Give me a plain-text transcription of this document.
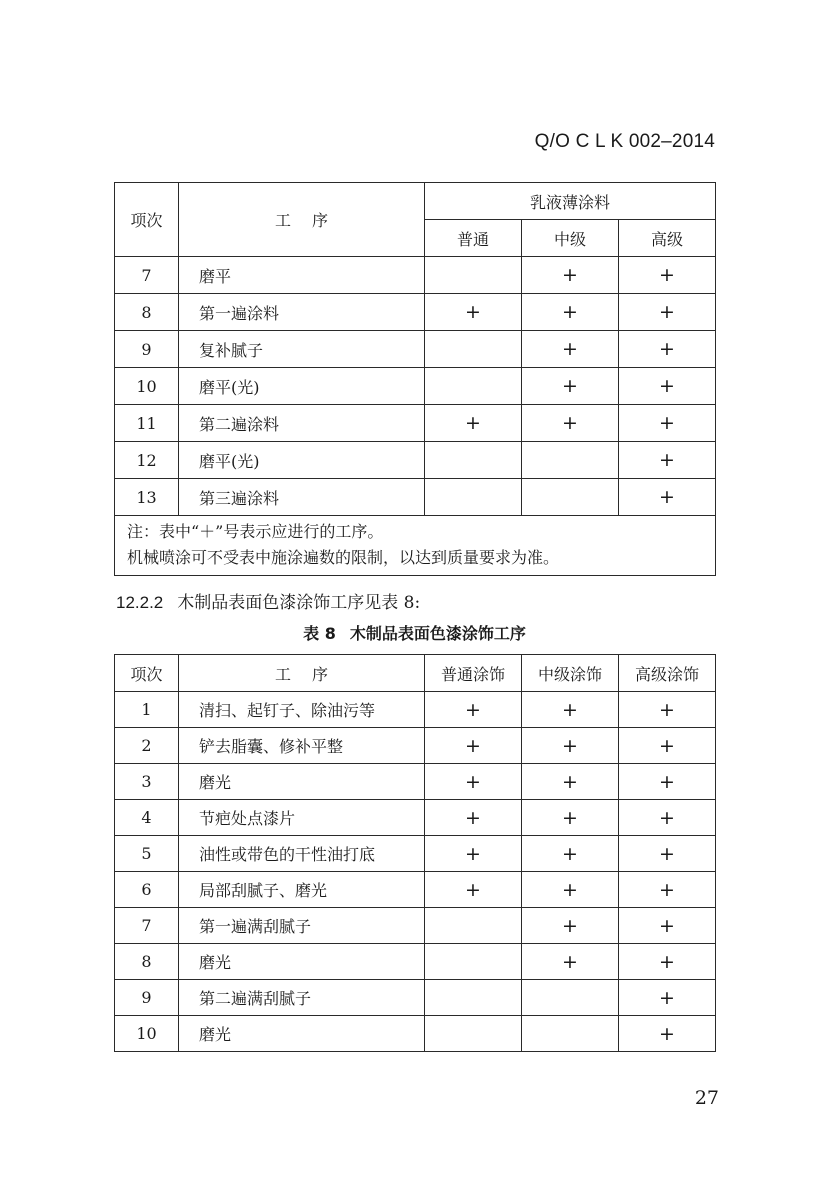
Q/O C L K 002–2014
项次	工　 序	乳液薄涂料		
		普通	中级	高级
7	磨平		+	+
8	第一遍涂料	+	+	+
9	复补腻子		+	+
10	磨平(光)		+	+
11	第二遍涂料	+	+	+
12	磨平(光)			+
13	第三遍涂料			+

注：表中“＋”号表示应进行的工序。
机械喷涂可不受表中施涂遍数的限制，以达到质量要求为准。				
12.2.2 木制品表面色漆涂饰工序见表 8:
表 8 木制品表面色漆涂饰工序
项次	工　 序	普通涂饰	中级涂饰	高级涂饰
1	清扫、起钉子、除油污等	+	+	+
2	铲去脂囊、修补平整	+	+	+
3	磨光	+	+	+
4	节疤处点漆片	+	+	+
5	油性或带色的干性油打底	+	+	+
6	局部刮腻子、磨光	+	+	+
7	第一遍满刮腻子		+	+
8	磨光		+	+
9	第二遍满刮腻子			+
10	磨光			+
27
